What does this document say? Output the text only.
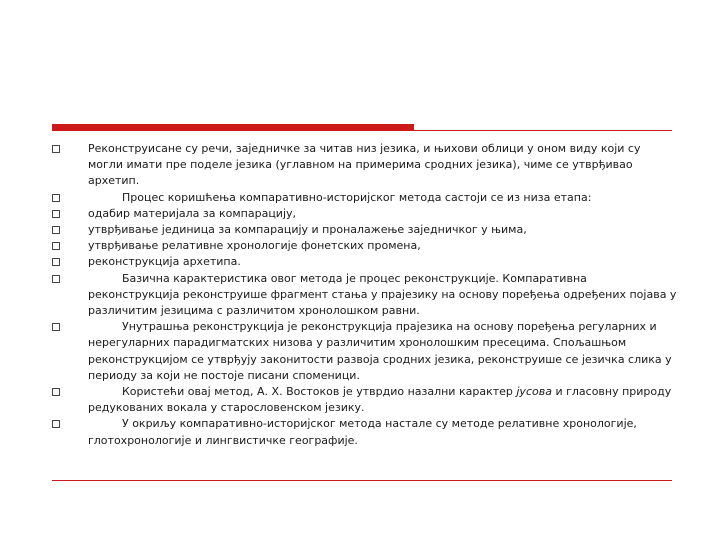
Реконструисане су речи, заједничке за читав низ језика, и њихови облици у оном виду који су могли имати пре поделе језика (углавном на примерима сродних језика), чиме се утврђивао архетип.
Процес коришћења компаративно-историјског метода састоји се из низа етапа:
одабир материјала за компарацију,
утврђивање јединица за компарацију и проналажење заједничког у њима,
утврђивање релативне хронологије фонетских промена,
реконструкција архетипа.
Базична карактеристика овог метода је процес реконструкције. Компаративна реконструкција реконструише фрагмент стања у прајезику на основу поређења одређених појава у различитим језицима с различитом хронолошком равни.
Унутрашња реконструкција је реконструкција прајезика на основу поређења регуларних и нерегуларних парадигматских низова у различитим хронолошким пресецима. Спољашњом реконструкцијом се утврђују законитости развоја сродних језика, реконструише се језичка слика у периоду за који не постоје писани споменици.
Користећи овај метод, А. Х. Востоков је утврдио назални карактер јусова и гласовну природу редукованих вокала у старословенском језику.
У окриљу компаративно-историјског метода настале су методе релативне хронологије, глотохронологије и лингвистичке географије.
